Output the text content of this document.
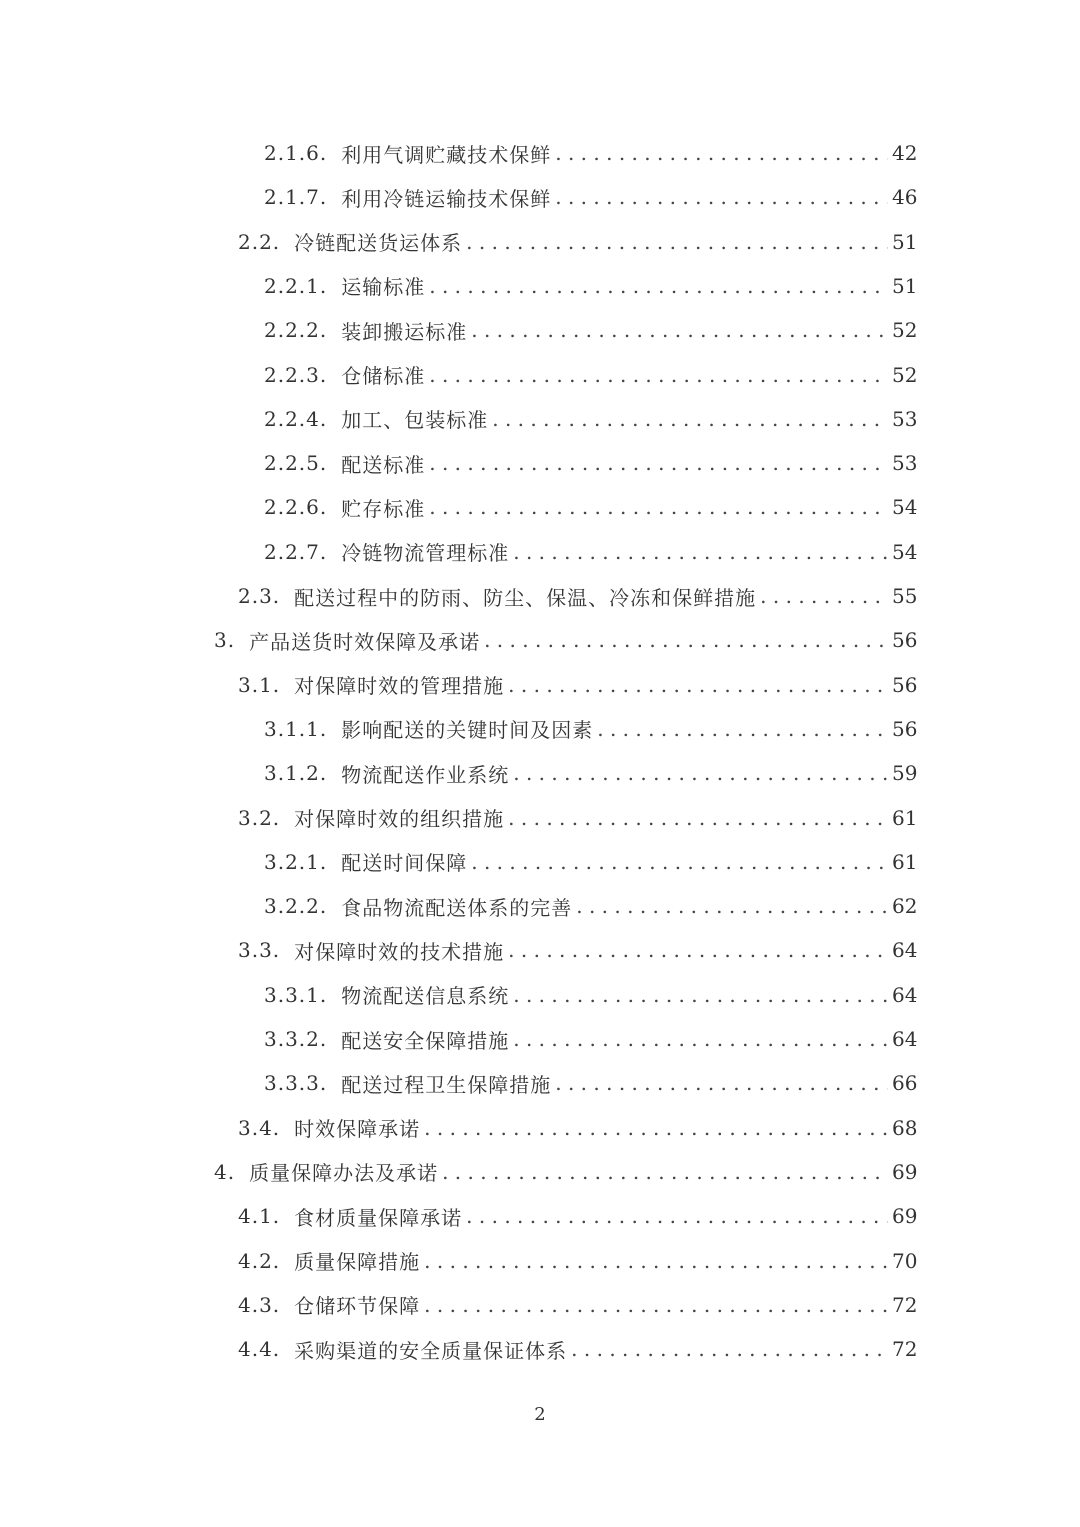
2.1.6. 利用气调贮藏技术保鲜 . . .	42
2.1.7. 利用冷链运输技术保鲜 . . .	46
2.2. 冷链配送货运体系 . . .	51
2.2.1. 运输标准 . . .	51
2.2.2. 装卸搬运标准 . . .	52
2.2.3. 仓储标准 . . .	52
2.2.4. 加工、包装标准 . . .	53
2.2.5. 配送标准 . . .	53
2.2.6. 贮存标准 . . .	54
2.2.7. 冷链物流管理标准 . . .	54
2.3. 配送过程中的防雨、防尘、保温、冷冻和保鲜措施 . . .	55
3. 产品送货时效保障及承诺 . . .	56
3.1. 对保障时效的管理措施 . . .	56
3.1.1. 影响配送的关键时间及因素 . . .	56
3.1.2. 物流配送作业系统 . . .	59
3.2. 对保障时效的组织措施 . . .	61
3.2.1. 配送时间保障 . . .	61
3.2.2. 食品物流配送体系的完善 . . .	62
3.3. 对保障时效的技术措施 . . .	64
3.3.1. 物流配送信息系统 . . .	64
3.3.2. 配送安全保障措施 . . .	64
3.3.3. 配送过程卫生保障措施 . . .	66
3.4. 时效保障承诺 . . .	68
4. 质量保障办法及承诺 . . .	69
4.1. 食材质量保障承诺 . . .	69
4.2. 质量保障措施 . . .	70
4.3. 仓储环节保障 . . .	72
4.4. 采购渠道的安全质量保证体系 . . .	72
2
